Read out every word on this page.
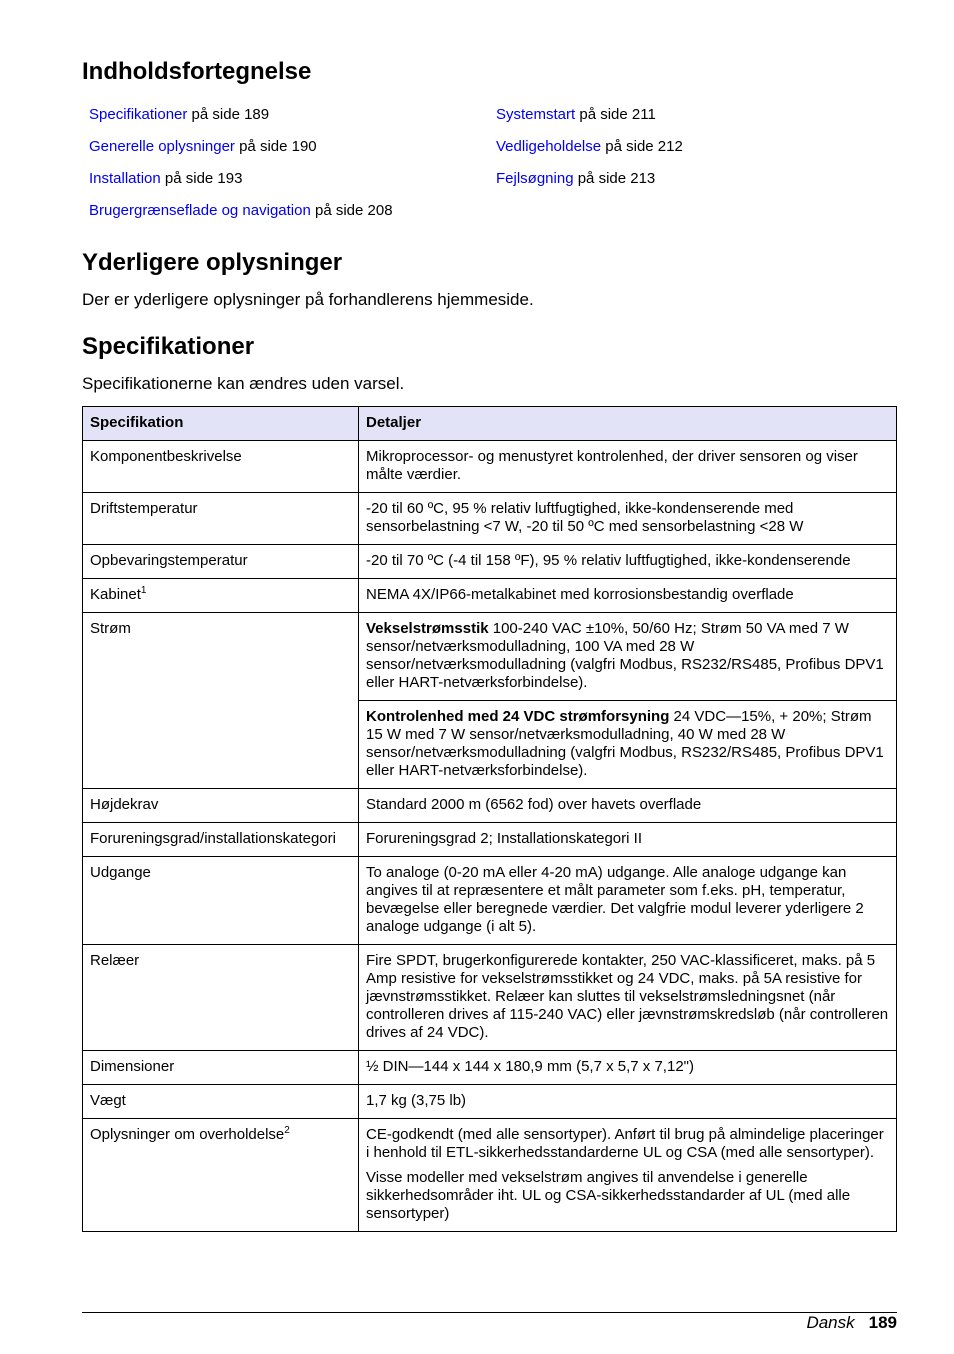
Indholdsfortegnelse
Specifikationer på side 189
Generelle oplysninger på side 190
Installation på side 193
Brugergrænseflade og navigation på side 208
Systemstart på side 211
Vedligeholdelse på side 212
Fejlsøgning på side 213
Yderligere oplysninger

Der er yderligere oplysninger på forhandlerens hjemmeside.

Specifikationer

Specifikationerne kan ændres uden varsel.

Specifikation	Detaljer
Komponentbeskrivelse	Mikroprocessor- og menustyret kontrolenhed, der driver sensoren og viser målte værdier.
Driftstemperatur	-20 til 60 ºC, 95 % relativ luftfugtighed, ikke-kondenserende med sensorbelastning <7 W, -20 til 50 ºC med sensorbelastning <28 W
Opbevaringstemperatur	-20 til 70 ºC (-4 til 158 ºF), 95 % relativ luftfugtighed, ikke-kondenserende
Kabinet$^1$	NEMA 4X/IP66-metalkabinet med korrosionsbestandig overflade
Strøm	Vekselstrømsstik 100-240 VAC ±10%, 50/60 Hz; Strøm 50 VA med 7 W sensor/netværksmodulladning, 100 VA med 28 W sensor/netværksmodulladning (valgfri Modbus, RS232/RS485, Profibus DPV1 eller HART-netværksforbindelse).
	Kontrolenhed med 24 VDC strømforsyning 24 VDC—15%, + 20%; Strøm 15 W med 7 W sensor/netværksmodulladning, 40 W med 28 W sensor/netværksmodulladning (valgfri Modbus, RS232/RS485, Profibus DPV1 eller HART-netværksforbindelse).
Højdekrav	Standard 2000 m (6562 fod) over havets overflade
Forureningsgrad/installationskategori	Forureningsgrad 2; Installationskategori II
Udgange	To analoge (0-20 mA eller 4-20 mA) udgange. Alle analoge udgange kan angives til at repræsentere et målt parameter som f.eks. pH, temperatur, bevægelse eller beregnede værdier. Det valgfrie modul leverer yderligere 2 analoge udgange (i alt 5).
Relæer	Fire SPDT, brugerkonfigurerede kontakter, 250 VAC-klassificeret, maks. på 5 Amp resistive for vekselstrømsstikket og 24 VDC, maks. på 5A resistive for jævnstrømsstikket. Relæer kan sluttes til vekselstrømsledningsnet (når controlleren drives af 115-240 VAC) eller jævnstrømskredsløb (når controlleren drives af 24 VDC).
Dimensioner	½ DIN—144 x 144 x 180,9 mm (5,7 x 5,7 x 7,12")
Vægt	1,7 kg (3,75 lb)
Oplysninger om overholdelse$^2$	CE-godkendt (med alle sensortyper). Anført til brug på almindelige placeringer i henhold til ETL-sikkerhedsstandarderne UL og CSA (med alle sensortyper).
Visse modeller med vekselstrøm angives til anvendelse i generelle sikkerhedsområder iht. UL og CSA-sikkerhedsstandarder af UL (med alle sensortyper)
Dansk 189
